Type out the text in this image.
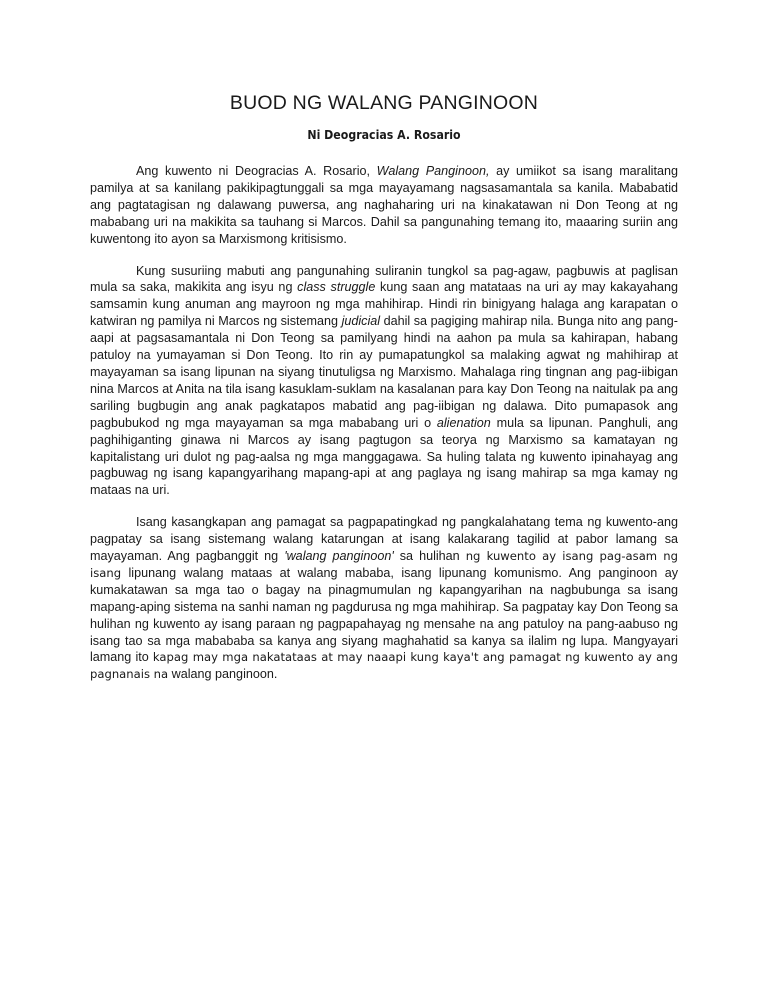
BUOD NG WALANG PANGINOON

Ni Deogracias A. Rosario

Ang kuwento ni Deogracias A. Rosario, Walang Panginoon, ay umiikot sa isang maralitang pamilya at sa kanilang pakikipagtunggali sa mga mayayamang nagsasamantala sa kanila. Mababatid ang pagtatagisan ng dalawang puwersa, ang naghaharing uri na kinakatawan ni Don Teong at ng mababang uri na makikita sa tauhang si Marcos. Dahil sa pangunahing temang ito, maaaring suriin ang kuwentong ito ayon sa Marxismong kritisismo.

Kung susuriing mabuti ang pangunahing suliranin tungkol sa pag-agaw, pagbuwis at paglisan mula sa saka, makikita ang isyu ng class struggle kung saan ang matataas na uri ay may kakayahang samsamin kung anuman ang mayroon ng mga mahihirap. Hindi rin binigyang halaga ang karapatan o katwiran ng pamilya ni Marcos ng sistemang judicial dahil sa pagiging mahirap nila. Bunga nito ang pang-aapi at pagsasamantala ni Don Teong sa pamilyang hindi na aahon pa mula sa kahirapan, habang patuloy na yumayaman si Don Teong. Ito rin ay pumapatungkol sa malaking agwat ng mahihirap at mayayaman sa isang lipunan na siyang tinutuligsa ng Marxismo. Mahalaga ring tingnan ang pag-iibigan nina Marcos at Anita na tila isang kasuklam-suklam na kasalanan para kay Don Teong na naitulak pa ang sariling bugbugin ang anak pagkatapos mabatid ang pag-iibigan ng dalawa. Dito pumapasok ang pagbubukod ng mga mayayaman sa mga mababang uri o alienation mula sa lipunan. Panghuli, ang paghihiganting ginawa ni Marcos ay isang pagtugon sa teorya ng Marxismo sa kamatayan ng kapitalistang uri dulot ng pag-aalsa ng mga manggagawa. Sa huling talata ng kuwento ipinahayag ang pagbuwag ng isang kapangyarihang mapang-api at ang paglaya ng isang mahirap sa mga kamay ng mataas na uri.

Isang kasangkapan ang pamagat sa pagpapatingkad ng pangkalahatang tema ng kuwento-ang pagpatay sa isang sistemang walang katarungan at isang kalakarang tagilid at pabor lamang sa mayayaman. Ang pagbanggit ng 'walang panginoon' sa hulihan ng kuwento ay isang pag-asam ng isang lipunang walang mataas at walang mababa, isang lipunang komunismo. Ang panginoon ay kumakatawan sa mga tao o bagay na pinagmumulan ng kapangyarihan na nagbubunga sa isang mapang-aping sistema na sanhi naman ng pagdurusa ng mga mahihirap. Sa pagpatay kay Don Teong sa hulihan ng kuwento ay isang paraan ng pagpapahayag ng mensahe na ang patuloy na pang-aabuso ng isang tao sa mga mabababa sa kanya ang siyang maghahatid sa kanya sa ilalim ng lupa. Mangyayari lamang ito kapag may mga nakatataas at may naaapi kung kaya't ang pamagat ng kuwento ay ang pagnanais na walang panginoon.
